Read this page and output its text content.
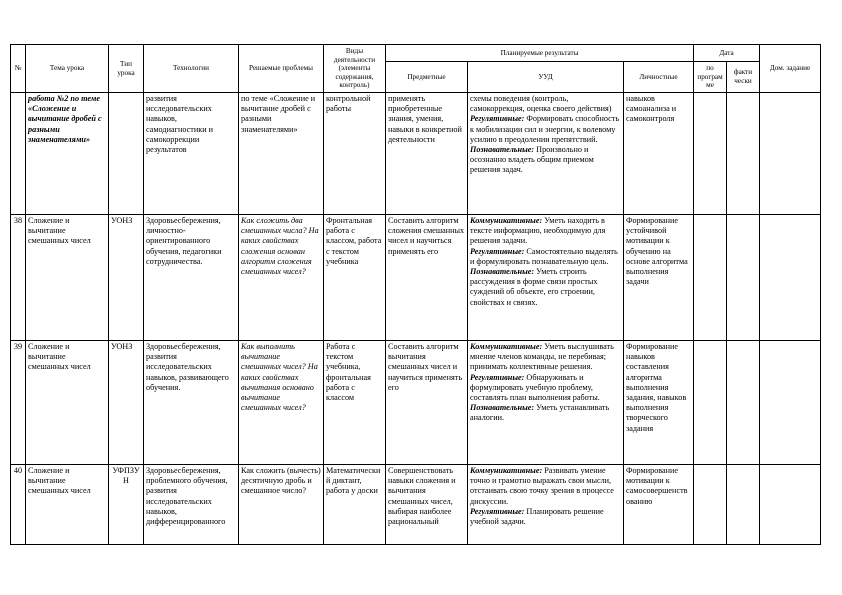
№	Тема урока	Тип урока	Технологии	Решаемые проблемы	Виды деятельности (элементы содержания, контроль)	Планируемые результаты			Дата		Дом. задание
						Предметные	УУД	Личностные	по програм ме	факти чески	
	работа №2 по теме «Сложение и вычитание дробей с разными знаменателями»		развития исследовательских навыков, самодиагностики и самокоррекции результатов	по теме «Сложение и вычитание дробей с разными знаменателями»	контрольной работы	применять приобретенные знания, умения, навыки в конкретной деятельности	схемы поведения (контроль, самокоррекция, оценка своего действия)
Регулятивные: Формировать способность к мобилизации сил и энергии, к волевому усилию в преодолении препятствий.
Познавательные: Произвольно и осознанно владеть общим приемом решения задач.	навыков самоанализа и самоконтроля			
38	Сложение и вычитание смешанных чисел	УОНЗ	Здоровьесбережения, личностно-ориентированного обучения, педагогики сотрудничества.	Как сложить два смешанных числа? На каких свойствах сложения основан алгоритм сложения смешанных чисел?	Фронтальная работа с классом, работа с текстом учебника	Составить алгоритм сложения смешанных чисел и научиться применять его	Коммуникативные: Уметь находить в тексте информацию, необходимую для решения задачи.
Регулятивные: Самостоятельно выделять и формулировать познавательную цель.
Познавательные: Уметь строить рассуждения в форме связи простых суждений об объекте, его строении, свойствах и связях.	Формирование устойчивой мотивации к обучению на основе алгоритма выполнения задачи			
39	Сложение и вычитание смешанных чисел	УОНЗ	Здоровьесбережения, развития исследовательских навыков, развивающего обучения.	Как выполнить вычитание смешанных чисел? На каких свойствах вычитания основано вычитание смешанных чисел?	Работа с текстом учебника, фронтальная работа с классом	Составить алгоритм вычитания смешанных чисел и научиться применять его	Коммуникативные: Уметь выслушивать мнение членов команды, не перебивая; принимать коллективные решения.
Регулятивные: Обнаруживать и формулировать учебную проблему, составлять план выполнения работы.
Познавательные: Уметь устанавливать аналогии.	Формирование навыков составления алгоритма выполнения задания, навыков выполнения творческого задания			
40	Сложение и вычитание смешанных чисел	УФПЗУН	Здоровьесбережения, проблемного обучения, развития исследовательских навыков, дифференцированного	Как сложить (вычесть) десятичную дробь и смешанное число?	Математический диктант, работа у доски	Совершенствовать навыки сложения и вычитания смешанных чисел, выбирая наиболее рациональный	Коммуникативные: Развивать умение точно и грамотно выражать свои мысли, отстаивать свою точку зрения в процессе дискуссии.
Регулятивные: Планировать решение учебной задачи.	Формирование мотивации к самосовершенствованию			
